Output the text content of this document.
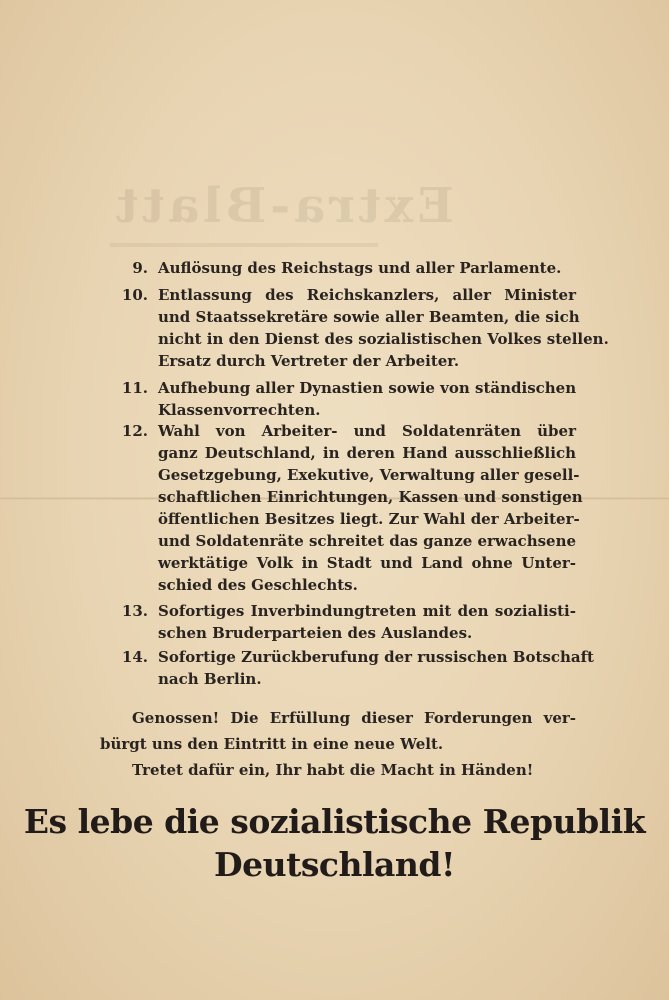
Extra-Blatt
9. Auflösung des Reichstags und aller Parlamente.
10. Entlassung des Reichskanzlers, aller Minister
und Staatssekretäre sowie aller Beamten, die sich
nicht in den Dienst des sozialistischen Volkes stellen.
Ersatz durch Vertreter der Arbeiter.
11. Aufhebung aller Dynastien sowie von ständischen
Klassenvorrechten.
12. Wahl von Arbeiter- und Soldatenräten über
ganz Deutschland, in deren Hand ausschließlich
Gesetzgebung, Exekutive, Verwaltung aller gesell-
schaftlichen Einrichtungen, Kassen und sonstigen
öffentlichen Besitzes liegt. Zur Wahl der Arbeiter-
und Soldatenräte schreitet das ganze erwachsene
werktätige Volk in Stadt und Land ohne Unter-
schied des Geschlechts.
13. Sofortiges Inverbindungtreten mit den sozialisti-
schen Bruderparteien des Auslandes.
14. Sofortige Zurückberufung der russischen Botschaft
nach Berlin.
Genossen! Die Erfüllung dieser Forderungen ver-
bürgt uns den Eintritt in eine neue Welt.
Tretet dafür ein, Ihr habt die Macht in Händen!
Es lebe die sozialistische Republik
Deutschland!
